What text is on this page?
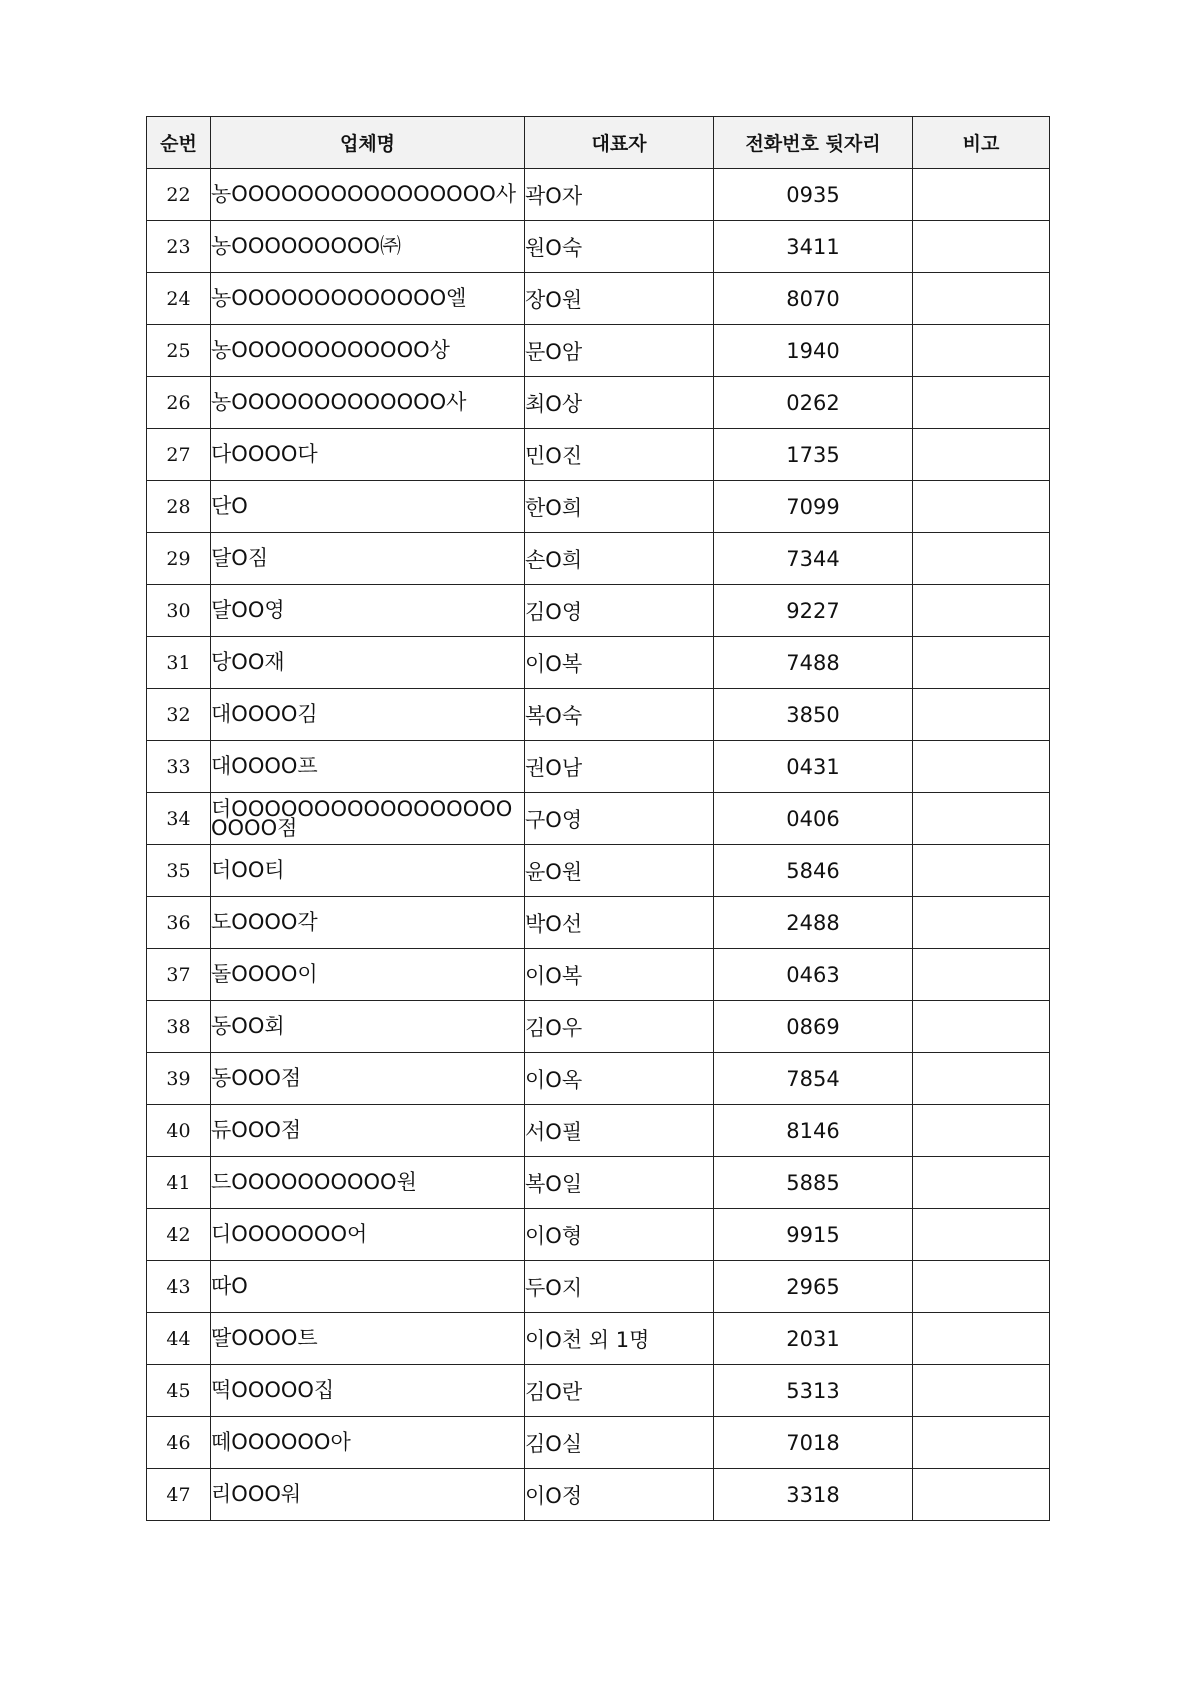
순번	업체명	대표자	전화번호 뒷자리	비고
22	농OOOOOOOOOOOOOOOO사	곽O자	0935	
23	농OOOOOOOOO㈜	원O숙	3411	
24	농OOOOOOOOOOOOO엘	장O원	8070	
25	농OOOOOOOOOOOO상	문O암	1940	
26	농OOOOOOOOOOOOO사	최O상	0262	
27	다OOOO다	민O진	1735	
28	단O	한O희	7099	
29	달O짐	손O희	7344	
30	달OO영	김O영	9227	
31	당OO재	이O복	7488	
32	대OOOO김	복O숙	3850	
33	대OOOO프	권O남	0431	
34	더OOOOOOOOOOOOOOOOOOOOO점	구O영	0406	
35	더OO티	윤O원	5846	
36	도OOOO각	박O선	2488	
37	돌OOOO이	이O복	0463	
38	동OO회	김O우	0869	
39	동OOO점	이O옥	7854	
40	듀OOO점	서O필	8146	
41	드OOOOOOOOOO원	복O일	5885	
42	디OOOOOOO어	이O형	9915	
43	따O	두O지	2965	
44	딸OOOO트	이O천 외 1명	2031	
45	떡OOOOO집	김O란	5313	
46	떼OOOOOO아	김O실	7018	
47	리OOO워	이O정	3318	
